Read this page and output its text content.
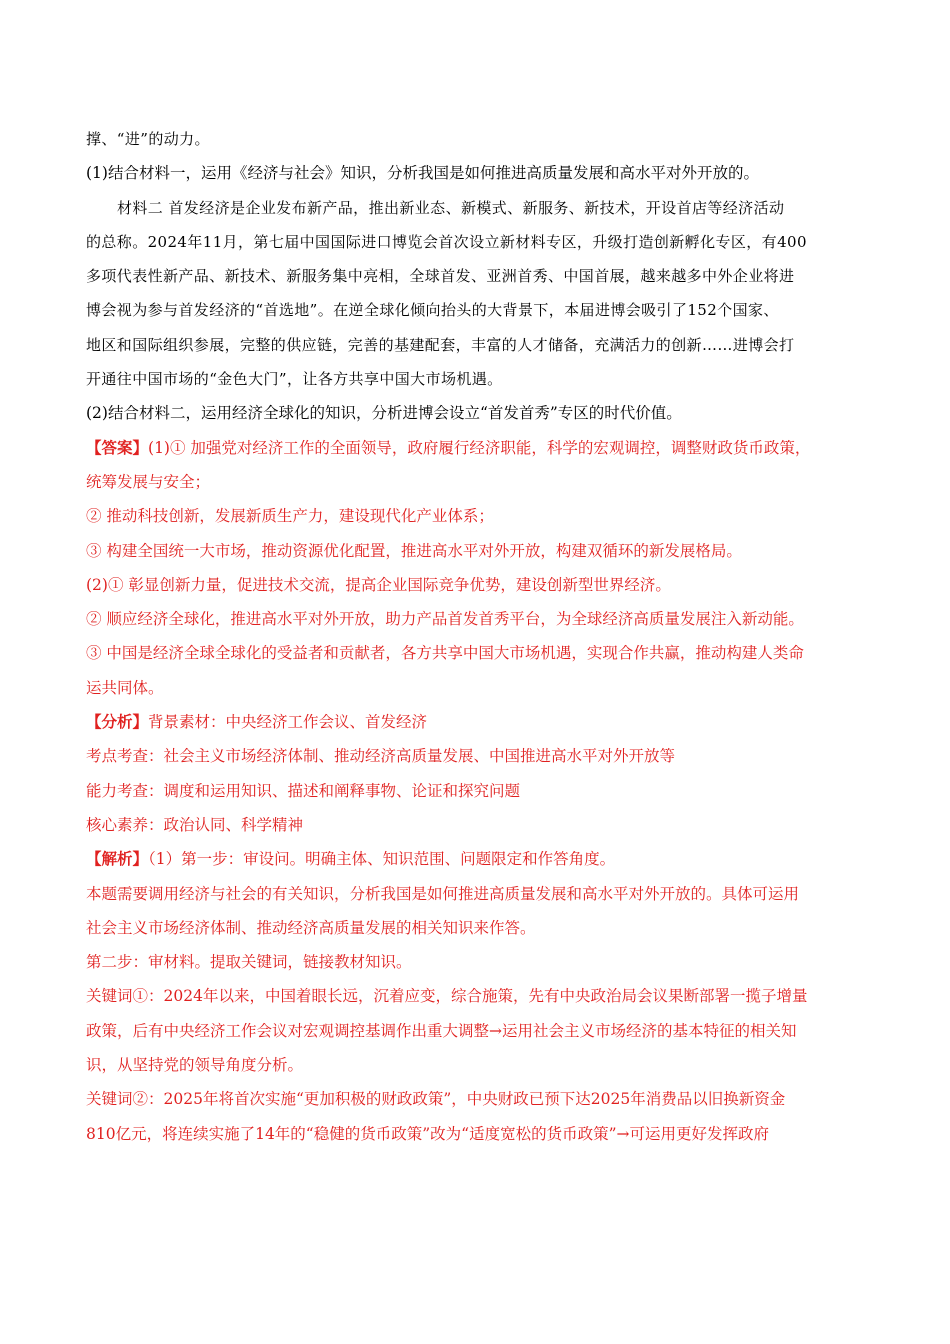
撑、“进”的动力。
(1)结合材料一，运用《经济与社会》知识，分析我国是如何推进高质量发展和高水平对外开放的。
材料二 首发经济是企业发布新产品，推出新业态、新模式、新服务、新技术，开设首店等经济活动
的总称。2024年11月，第七届中国国际进口博览会首次设立新材料专区，升级打造创新孵化专区，有400
多项代表性新产品、新技术、新服务集中亮相，全球首发、亚洲首秀、中国首展，越来越多中外企业将进
博会视为参与首发经济的“首选地”。在逆全球化倾向抬头的大背景下，本届进博会吸引了152个国家、
地区和国际组织参展，完整的供应链，完善的基建配套，丰富的人才储备，充满活力的创新……进博会打
开通往中国市场的“金色大门”，让各方共享中国大市场机遇。
(2)结合材料二，运用经济全球化的知识，分析进博会设立“首发首秀”专区的时代价值。
【答案】(1)① 加强党对经济工作的全面领导，政府履行经济职能，科学的宏观调控，调整财政货币政策，
统筹发展与安全；
② 推动科技创新，发展新质生产力，建设现代化产业体系；
③ 构建全国统一大市场，推动资源优化配置，推进高水平对外开放，构建双循环的新发展格局。
(2)① 彰显创新力量，促进技术交流，提高企业国际竞争优势，建设创新型世界经济。
② 顺应经济全球化，推进高水平对外开放，助力产品首发首秀平台，为全球经济高质量发展注入新动能。
③ 中国是经济全球全球化的受益者和贡献者，各方共享中国大市场机遇，实现合作共赢，推动构建人类命
运共同体。
【分析】背景素材：中央经济工作会议、首发经济
考点考查：社会主义市场经济体制、推动经济高质量发展、中国推进高水平对外开放等
能力考查：调度和运用知识、描述和阐释事物、论证和探究问题
核心素养：政治认同、科学精神
【解析】（1）第一步：审设问。明确主体、知识范围、问题限定和作答角度。
本题需要调用经济与社会的有关知识，分析我国是如何推进高质量发展和高水平对外开放的。具体可运用
社会主义市场经济体制、推动经济高质量发展的相关知识来作答。
第二步：审材料。提取关键词，链接教材知识。
关键词①：2024年以来，中国着眼长远，沉着应变，综合施策，先有中央政治局会议果断部署一揽子增量
政策，后有中央经济工作会议对宏观调控基调作出重大调整→运用社会主义市场经济的基本特征的相关知
识，从坚持党的领导角度分析。
关键词②：2025年将首次实施“更加积极的财政政策”，中央财政已预下达2025年消费品以旧换新资金
810亿元，将连续实施了14年的“稳健的货币政策”改为“适度宽松的货币政策”→可运用更好发挥政府
